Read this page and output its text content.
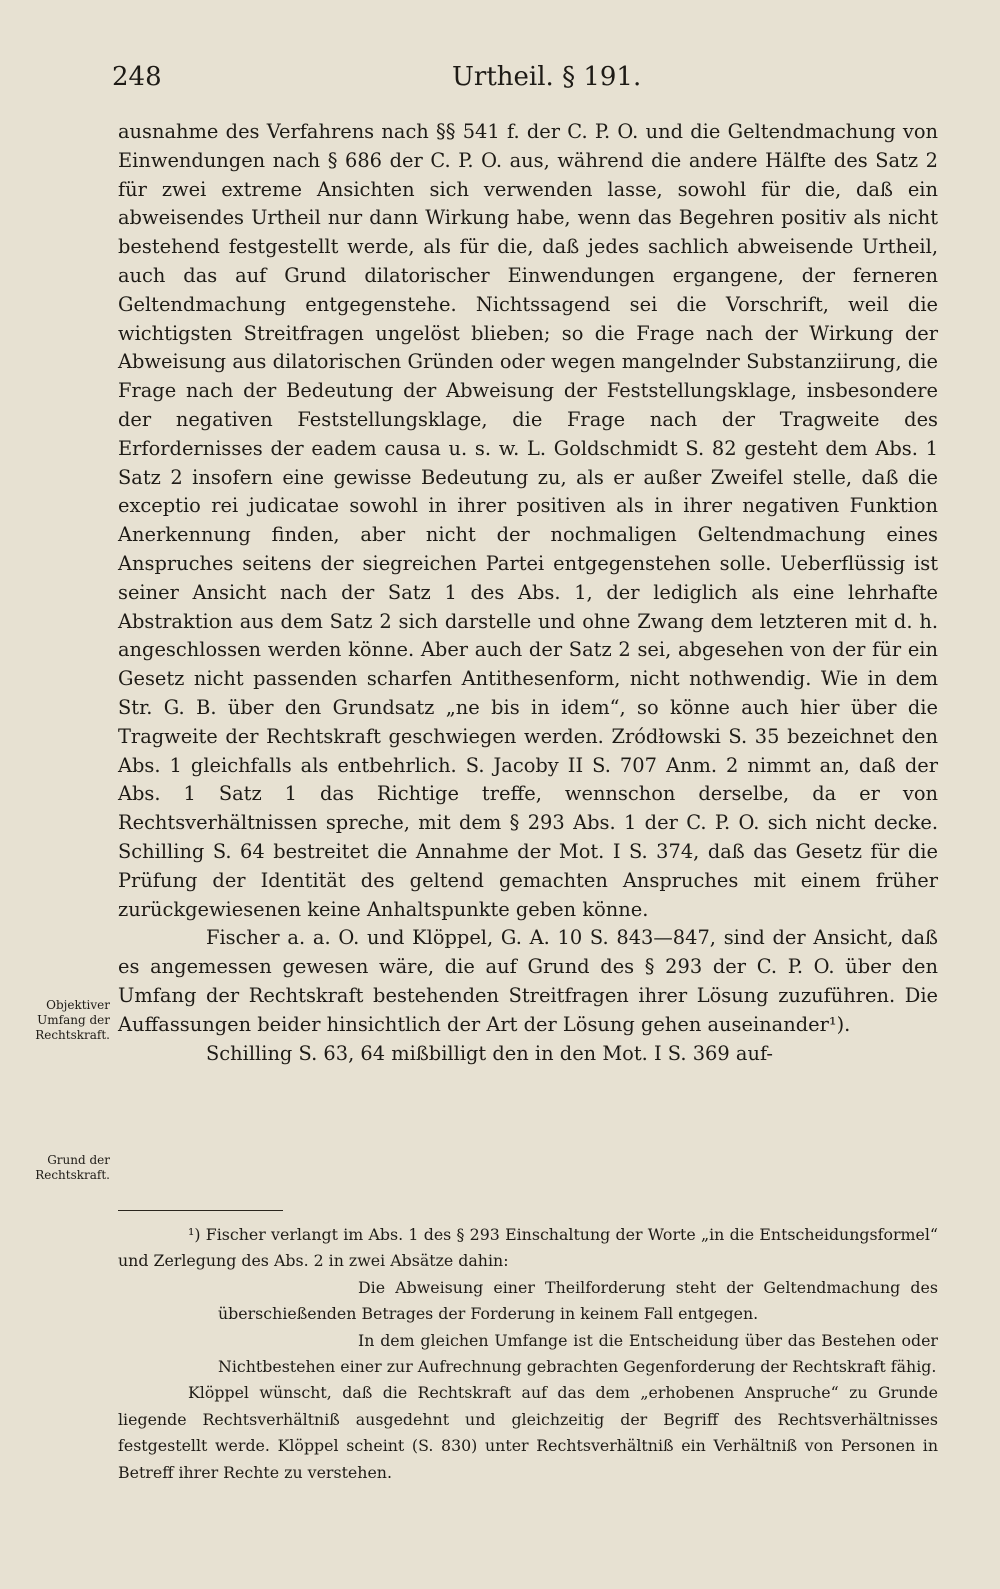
248	Urtheil. § 191.

ausnahme des Verfahrens nach §§ 541 f. der C. P. O. und die Geltendmachung von Einwendungen nach § 686 der C. P. O. aus, während die andere Hälfte des Satz 2 für zwei extreme Ansichten sich verwenden lasse, sowohl für die, daß ein abweisendes Urtheil nur dann Wirkung habe, wenn das Begehren positiv als nicht bestehend festgestellt werde, als für die, daß jedes sachlich abweisende Urtheil, auch das auf Grund dilatorischer Einwendungen ergangene, der ferneren Geltendmachung entgegenstehe. Nichtssagend sei die Vorschrift, weil die wichtigsten Streitfragen ungelöst blieben; so die Frage nach der Wirkung der Abweisung aus dilatorischen Gründen oder wegen mangelnder Substanziirung, die Frage nach der Bedeutung der Abweisung der Feststellungsklage, insbesondere der negativen Feststellungsklage, die Frage nach der Tragweite des Erfordernisses der eadem causa u. s. w. L. Goldschmidt S. 82 gesteht dem Abs. 1 Satz 2 insofern eine gewisse Bedeutung zu, als er außer Zweifel stelle, daß die exceptio rei judicatae sowohl in ihrer positiven als in ihrer negativen Funktion Anerkennung finden, aber nicht der nochmaligen Geltendmachung eines Anspruches seitens der siegreichen Partei entgegenstehen solle. Ueberflüssig ist seiner Ansicht nach der Satz 1 des Abs. 1, der lediglich als eine lehrhafte Abstraktion aus dem Satz 2 sich darstelle und ohne Zwang dem letzteren mit d. h. angeschlossen werden könne. Aber auch der Satz 2 sei, abgesehen von der für ein Gesetz nicht passenden scharfen Antithesenform, nicht nothwendig. Wie in dem Str. G. B. über den Grundsatz „ne bis in idem“, so könne auch hier über die Tragweite der Rechtskraft geschwiegen werden. Zródłowski S. 35 bezeichnet den Abs. 1 gleichfalls als entbehrlich. S. Jacoby II S. 707 Anm. 2 nimmt an, daß der Abs. 1 Satz 1 das Richtige treffe, wennschon derselbe, da er von Rechtsverhältnissen spreche, mit dem § 293 Abs. 1 der C. P. O. sich nicht decke. Schilling S. 64 bestreitet die Annahme der Mot. I S. 374, daß das Gesetz für die Prüfung der Identität des geltend gemachten Anspruches mit einem früher zurückgewiesenen keine Anhaltspunkte geben könne.

Fischer a. a. O. und Klöppel, G. A. 10 S. 843—847, sind der Ansicht, daß es angemessen gewesen wäre, die auf Grund des § 293 der C. P. O. über den Umfang der Rechtskraft bestehenden Streitfragen ihrer Lösung zuzuführen. Die Auffassungen beider hinsichtlich der Art der Lösung gehen auseinander¹).

Schilling S. 63, 64 mißbilligt den in den Mot. I S. 369 auf-

Objektiver Umfang der Rechtskraft.
Grund der Rechtskraft.

¹) Fischer verlangt im Abs. 1 des § 293 Einschaltung der Worte „in die Entscheidungsformel“ und Zerlegung des Abs. 2 in zwei Absätze dahin:

Die Abweisung einer Theilforderung steht der Geltendmachung des überschießenden Betrages der Forderung in keinem Fall entgegen.

In dem gleichen Umfange ist die Entscheidung über das Bestehen oder Nichtbestehen einer zur Aufrechnung gebrachten Gegenforderung der Rechtskraft fähig.

Klöppel wünscht, daß die Rechtskraft auf das dem „erhobenen Anspruche“ zu Grunde liegende Rechtsverhältniß ausgedehnt und gleichzeitig der Begriff des Rechtsverhältnisses festgestellt werde. Klöppel scheint (S. 830) unter Rechtsverhältniß ein Verhältniß von Personen in Betreff ihrer Rechte zu verstehen.
